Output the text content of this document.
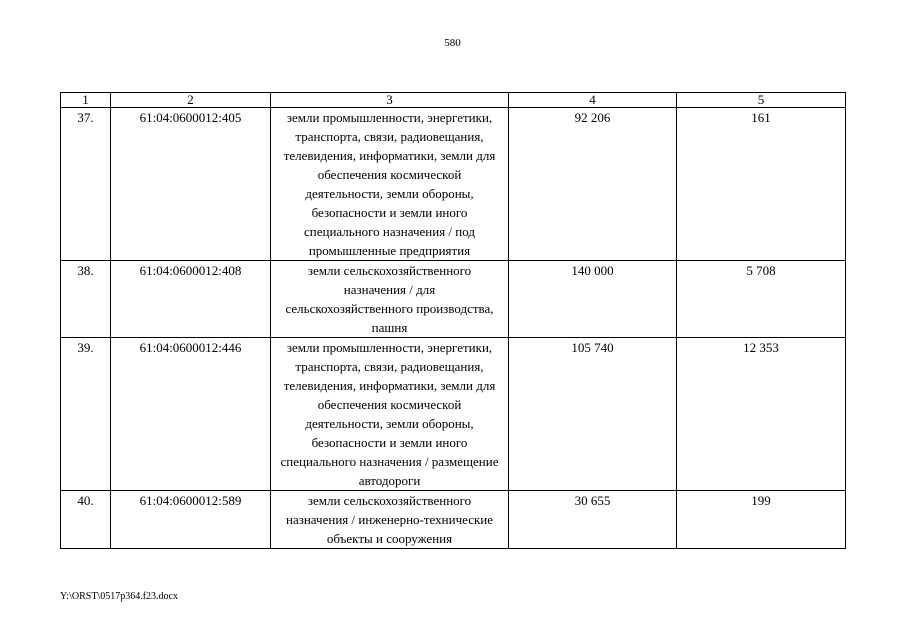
580
1	2	3	4	5
37.	61:04:0600012:405	земли промышленности, энергетики, транспорта, связи, радиовещания, телевидения, информатики, земли для обеспечения космической деятельности, земли обороны, безопасности и земли иного специального назначения / под промышленные предприятия	92 206	161
38.	61:04:0600012:408	земли сельскохозяйственного назначения / для сельскохозяйственного производства, пашня	140 000	5 708
39.	61:04:0600012:446	земли промышленности, энергетики, транспорта, связи, радиовещания, телевидения, информатики, земли для обеспечения космической деятельности, земли обороны, безопасности и земли иного специального назначения / размещение автодороги	105 740	12 353
40.	61:04:0600012:589	земли сельскохозяйственного назначения / инженерно-технические объекты и сооружения	30 655	199
Y:\ORST\0517p364.f23.docx
